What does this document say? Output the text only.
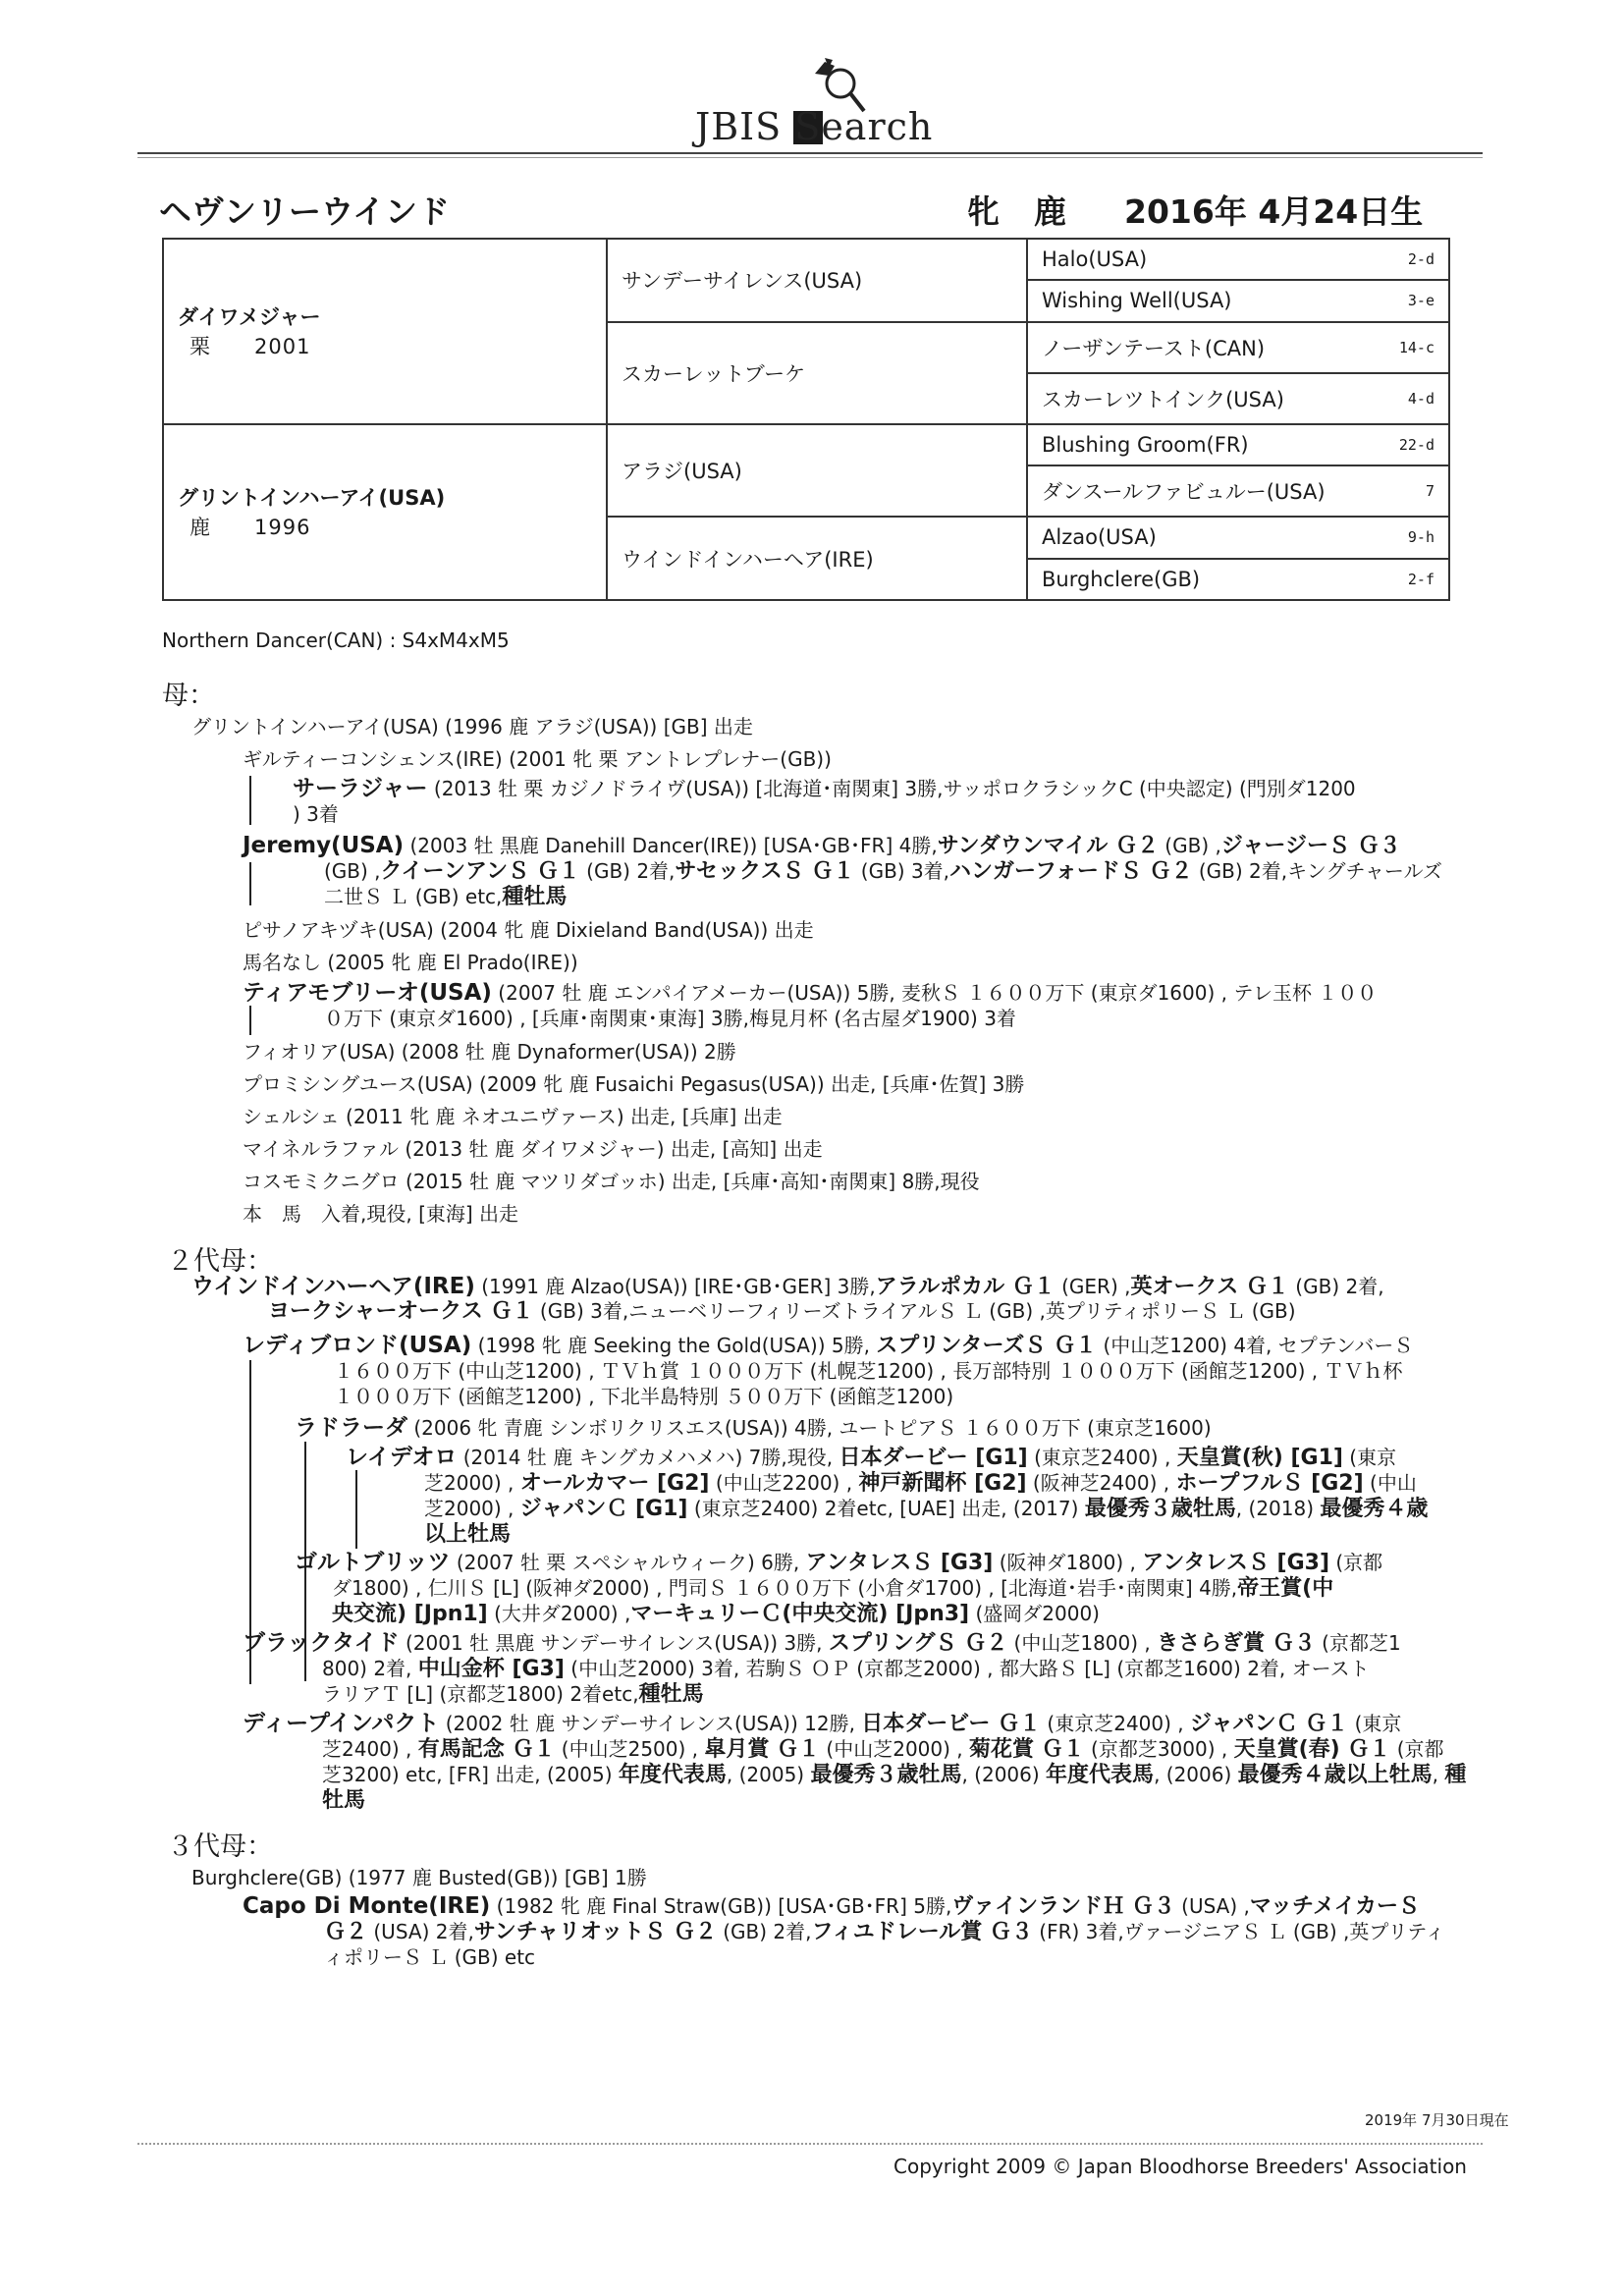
JBIS Search
ヘヴンリーウインド	牝 鹿 2016年 4月24日生
ダイワメジャー
栗　　2001	サンデーサイレンス(USA)	Halo(USA) 2-d

		Wishing Well(USA) 3-e

	スカーレットブーケ	ノーザンテースト(CAN) 14-c

		スカーレツトインク(USA) 4-d

グリントインハーアイ(USA)
鹿　　1996	アラジ(USA)	Blushing Groom(FR) 22-d

		ダンスールファビュルー(USA) 7

	ウインドインハーヘア(IRE)	Alzao(USA) 9-h

		Burghclere(GB) 2-f
Northern Dancer(CAN) : S4xM4xM5
母：
グリントインハーアイ(USA) (1996 鹿 アラジ(USA)) [GB] 出走
ギルティーコンシェンス(IRE) (2001 牝 栗 アントレプレナー(GB))
サーラジャー (2013 牡 栗 カジノドライヴ(USA)) [北海道･南関東] 3勝,サッポロクラシックC (中央認定) (門別ダ1200
) 3着
Jeremy(USA) (2003 牡 黒鹿 Danehill Dancer(IRE)) [USA･GB･FR] 4勝,サンダウンマイル Ｇ２ (GB) ,ジャージーＳ Ｇ３
(GB) ,クイーンアンＳ Ｇ１ (GB) 2着,サセックスＳ Ｇ１ (GB) 3着,ハンガーフォードＳ Ｇ２ (GB) 2着,キングチャールズ
二世Ｓ Ｌ (GB) etc,種牡馬
ピサノアキヅキ(USA) (2004 牝 鹿 Dixieland Band(USA)) 出走
馬名なし (2005 牝 鹿 El Prado(IRE))
ティアモブリーオ(USA) (2007 牡 鹿 エンパイアメーカー(USA)) 5勝, 麦秋Ｓ １６００万下 (東京ダ1600) , テレ玉杯 １００
０万下 (東京ダ1600) , [兵庫･南関東･東海] 3勝,梅見月杯 (名古屋ダ1900) 3着
フィオリア(USA) (2008 牡 鹿 Dynaformer(USA)) 2勝
プロミシングユース(USA) (2009 牝 鹿 Fusaichi Pegasus(USA)) 出走, [兵庫･佐賀] 3勝
シェルシェ (2011 牝 鹿 ネオユニヴァース) 出走, [兵庫] 出走
マイネルラファル (2013 牡 鹿 ダイワメジャー) 出走, [高知] 出走
コスモミクニグロ (2015 牡 鹿 マツリダゴッホ) 出走, [兵庫･高知･南関東] 8勝,現役
本　馬　入着,現役, [東海] 出走
２代母：
ウインドインハーヘア(IRE) (1991 鹿 Alzao(USA)) [IRE･GB･GER] 3勝,アラルポカル Ｇ１ (GER) ,英オークス Ｇ１ (GB) 2着,
ヨークシャーオークス Ｇ１ (GB) 3着,ニューベリーフィリーズトライアルＳ Ｌ (GB) ,英プリティポリーＳ Ｌ (GB)
レディブロンド(USA) (1998 牝 鹿 Seeking the Gold(USA)) 5勝, スプリンターズＳ Ｇ１ (中山芝1200) 4着, セプテンバーＳ
１６００万下 (中山芝1200) , ＴＶｈ賞 １０００万下 (札幌芝1200) , 長万部特別 １０００万下 (函館芝1200) , ＴＶｈ杯
１０００万下 (函館芝1200) , 下北半島特別 ５００万下 (函館芝1200)
ラドラーダ (2006 牝 青鹿 シンボリクリスエス(USA)) 4勝, ユートピアＳ １６００万下 (東京芝1600)
レイデオロ (2014 牡 鹿 キングカメハメハ) 7勝,現役, 日本ダービー [G1] (東京芝2400) , 天皇賞(秋) [G1] (東京
芝2000) , オールカマー [G2] (中山芝2200) , 神戸新聞杯 [G2] (阪神芝2400) , ホープフルＳ [G2] (中山
芝2000) , ジャパンＣ [G1] (東京芝2400) 2着etc, [UAE] 出走, (2017) 最優秀３歳牡馬, (2018) 最優秀４歳
以上牡馬
ゴルトブリッツ (2007 牡 栗 スペシャルウィーク) 6勝, アンタレスＳ [G3] (阪神ダ1800) , アンタレスＳ [G3] (京都
ダ1800) , 仁川Ｓ [L] (阪神ダ2000) , 門司Ｓ １６００万下 (小倉ダ1700) , [北海道･岩手･南関東] 4勝,帝王賞(中
央交流) [Jpn1] (大井ダ2000) ,マーキュリーＣ(中央交流) [Jpn3] (盛岡ダ2000)
ブラックタイド (2001 牡 黒鹿 サンデーサイレンス(USA)) 3勝, スプリングＳ Ｇ２ (中山芝1800) , きさらぎ賞 Ｇ３ (京都芝1
800) 2着, 中山金杯 [G3] (中山芝2000) 3着, 若駒Ｓ ＯＰ (京都芝2000) , 都大路Ｓ [L] (京都芝1600) 2着, オースト
ラリアＴ [L] (京都芝1800) 2着etc,種牡馬
ディープインパクト (2002 牡 鹿 サンデーサイレンス(USA)) 12勝, 日本ダービー Ｇ１ (東京芝2400) , ジャパンＣ Ｇ１ (東京
芝2400) , 有馬記念 Ｇ１ (中山芝2500) , 皐月賞 Ｇ１ (中山芝2000) , 菊花賞 Ｇ１ (京都芝3000) , 天皇賞(春) Ｇ１ (京都
芝3200) etc, [FR] 出走, (2005) 年度代表馬, (2005) 最優秀３歳牡馬, (2006) 年度代表馬, (2006) 最優秀４歳以上牡馬, 種
牡馬
３代母：
Burghclere(GB) (1977 鹿 Busted(GB)) [GB] 1勝
Capo Di Monte(IRE) (1982 牝 鹿 Final Straw(GB)) [USA･GB･FR] 5勝,ヴァインランドＨ Ｇ３ (USA) ,マッチメイカーＳ
Ｇ２ (USA) 2着,サンチャリオットＳ Ｇ２ (GB) 2着,フィユドレール賞 Ｇ３ (FR) 3着,ヴァージニアＳ Ｌ (GB) ,英プリティ
ィポリーＳ Ｌ (GB) etc
2019年 7月30日現在
Copyright 2009 © Japan Bloodhorse Breeders' Association
